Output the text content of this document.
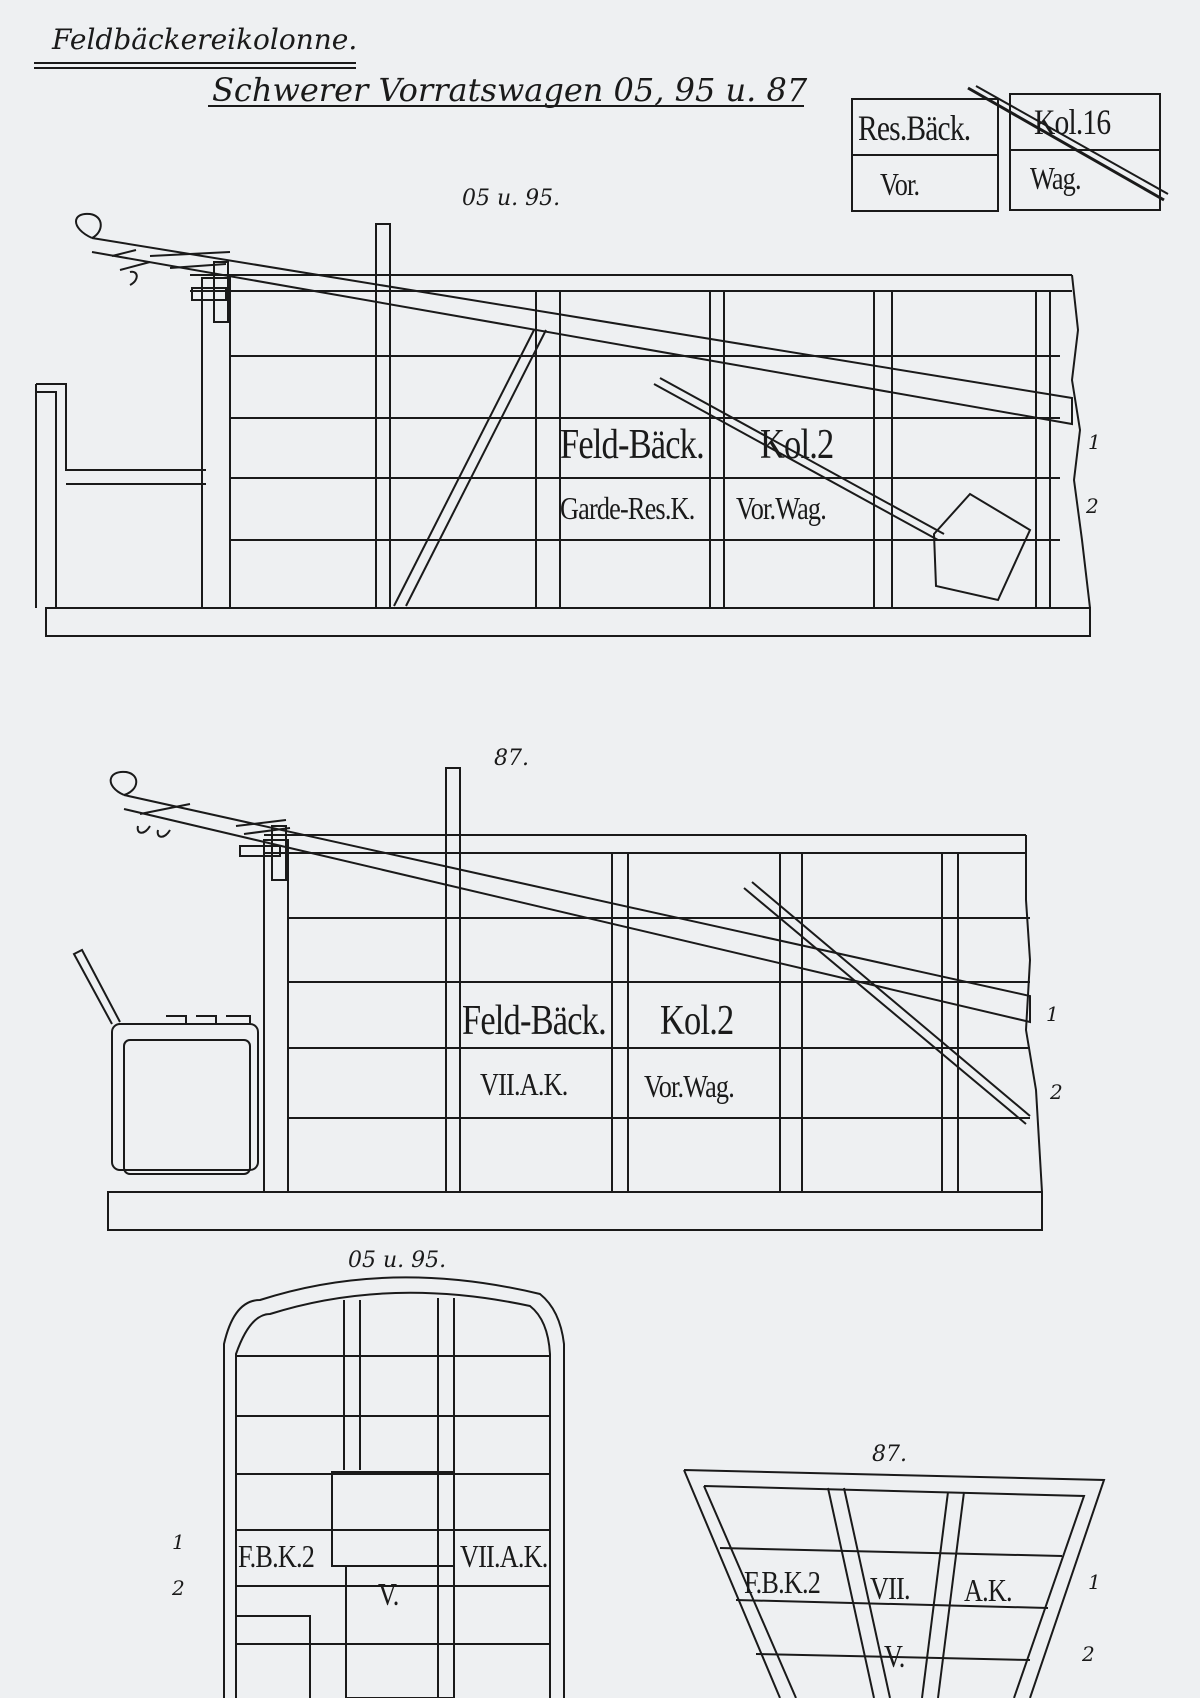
Feldbäckereikolonne.
Schwerer Vorratswagen 05, 95 u. 87
Res.Bäck.
Vor.
Kol.16
Wag.
05 u. 95.
Feld-Bäck. Kol.2
Garde-Res.K. Vor.Wag.
1
2
87.
Feld-Bäck. Kol.2
VII.A.K. Vor.Wag.
1
2
05 u. 95.
F.B.K.2
V.
VII.A.K.
1
2
87.
F.B.K.2 VII. A.K.
V.
1
2
